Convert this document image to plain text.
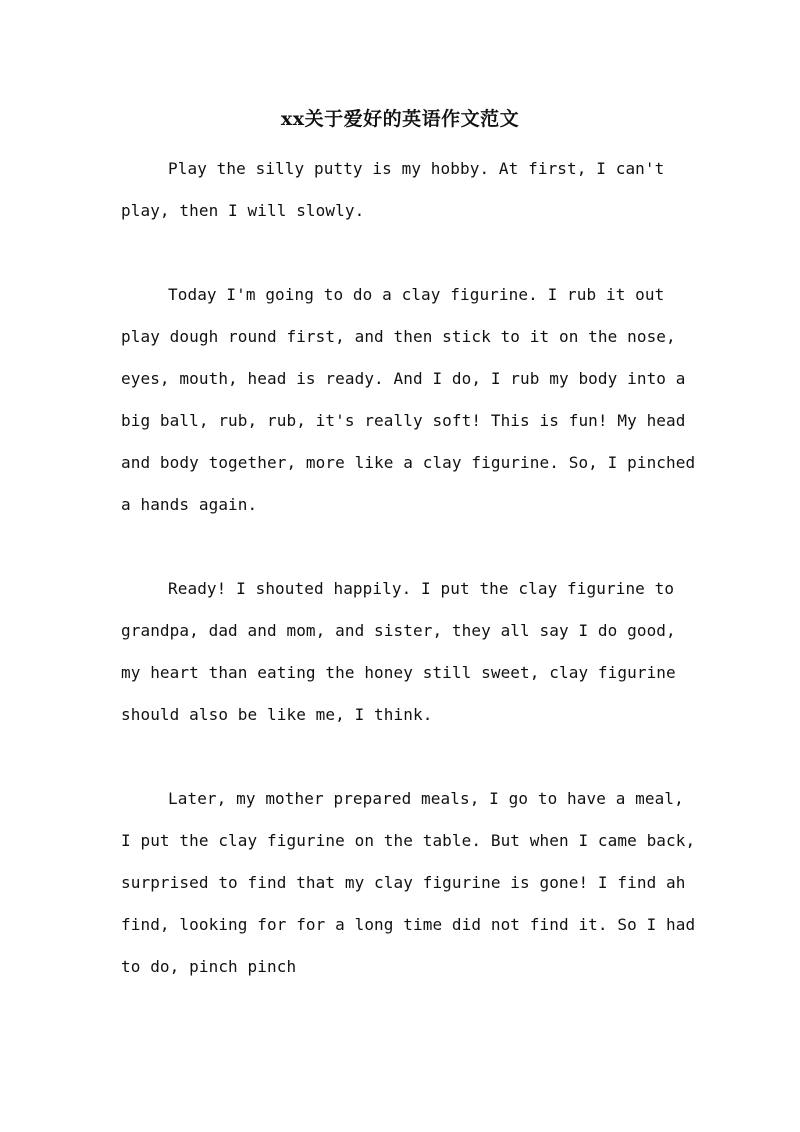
xx关于爱好的英语作文范文
Play the silly putty is my hobby. At first, I can't
play, then I will slowly.
Today I'm going to do a clay figurine. I rub it out
play dough round first, and then stick to it on the nose,
eyes, mouth, head is ready. And I do, I rub my body into a
big ball, rub, rub, it's really soft! This is fun! My head
and body together, more like a clay figurine. So, I pinched
a hands again.
Ready! I shouted happily. I put the clay figurine to
grandpa, dad and mom, and sister, they all say I do good,
my heart than eating the honey still sweet, clay figurine
should also be like me, I think.
Later, my mother prepared meals, I go to have a meal,
I put the clay figurine on the table. But when I came back,
surprised to find that my clay figurine is gone! I find ah
find, looking for for a long time did not find it. So I had
to do, pinch pinch
